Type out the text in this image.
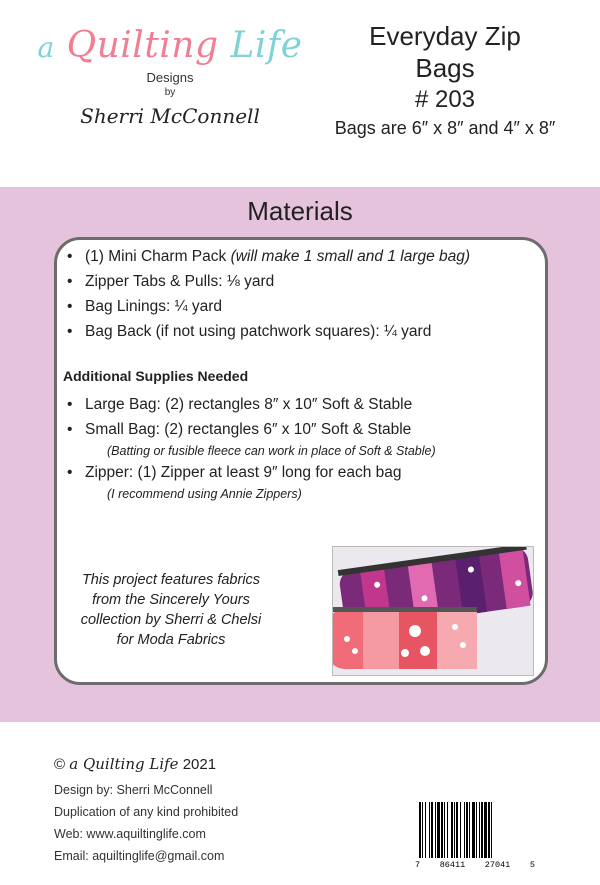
a Quilting Life
Designs
by
Sherri McConnell
Everyday Zip
Bags
# 203
Bags are 6″ x 8″ and 4″ x 8″
Materials
• (1) Mini Charm Pack (will make 1 small and 1 large bag)
• Zipper Tabs & Pulls: ⅛ yard
• Bag Linings: ¼ yard
• Bag Back (if not using patchwork squares): ¼ yard
Additional Supplies Needed
• Large Bag: (2) rectangles 8″ x 10″ Soft & Stable
• Small Bag: (2) rectangles 6″ x 10″ Soft & Stable
(Batting or fusible fleece can work in place of Soft & Stable)
• Zipper: (1) Zipper at least 9″ long for each bag
(I recommend using Annie Zippers)
This project features fabrics
from the Sincerely Yours
collection by Sherri & Chelsi
for Moda Fabrics
© a Quilting Life 2021
Design by: Sherri McConnell
Duplication of any kind prohibited
Web: www.aquiltinglife.com
Email: aquiltinglife@gmail.com
7 86411 27041 5
